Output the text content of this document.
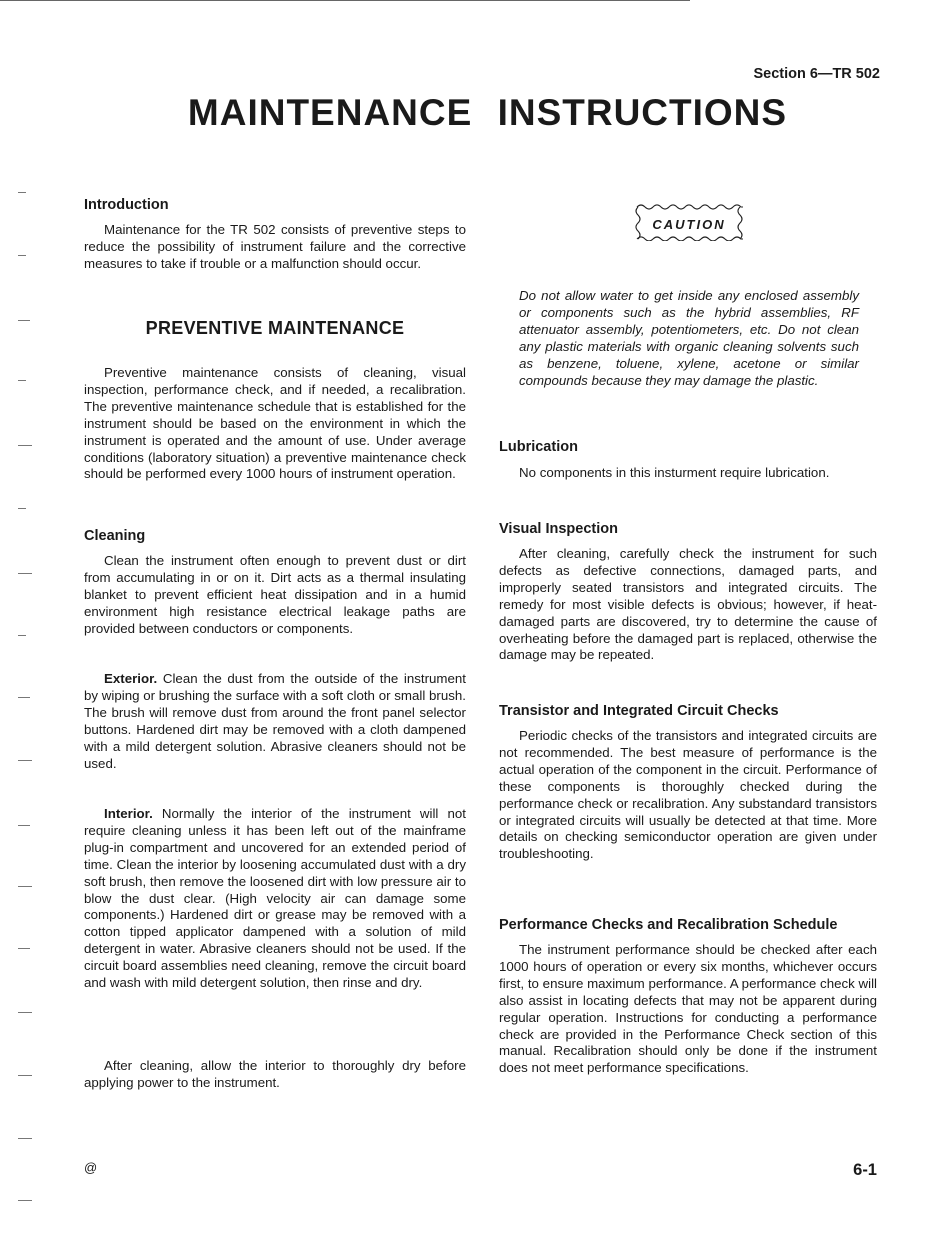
Section 6—TR 502
MAINTENANCE INSTRUCTIONS
Introduction

Maintenance for the TR 502 consists of preventive steps to reduce the possibility of instrument failure and the corrective measures to take if trouble or a malfunction should occur.

PREVENTIVE MAINTENANCE

Preventive maintenance consists of cleaning, visual inspection, performance check, and if needed, a recalibration. The preventive maintenance schedule that is established for the instrument should be based on the environment in which the instrument is operated and the amount of use. Under average conditions (laboratory situation) a preventive maintenance check should be performed every 1000 hours of instrument operation.

Cleaning

Clean the instrument often enough to prevent dust or dirt from accumulating in or on it. Dirt acts as a thermal insulating blanket to prevent efficient heat dissipation and in a humid environment high resistance electrical leakage paths are provided between conductors or components.

Exterior. Clean the dust from the outside of the instrument by wiping or brushing the surface with a soft cloth or small brush. The brush will remove dust from around the front panel selector buttons. Hardened dirt may be removed with a cloth dampened with a mild detergent solution. Abrasive cleaners should not be used.

Interior. Normally the interior of the instrument will not require cleaning unless it has been left out of the mainframe plug-in compartment and uncovered for an extended period of time. Clean the interior by loosening accumulated dust with a dry soft brush, then remove the loosened dirt with low pressure air to blow the dust clear. (High velocity air can damage some components.) Hardened dirt or grease may be removed with a cotton tipped applicator dampened with a solution of mild detergent in water. Abrasive cleaners should not be used. If the circuit board assemblies need cleaning, remove the circuit board and wash with mild detergent solution, then rinse and dry.

After cleaning, allow the interior to thoroughly dry before applying power to the instrument.

CAUTION

Do not allow water to get inside any enclosed assembly or components such as the hybrid assemblies, RF attenuator assembly, potentiometers, etc. Do not clean any plastic materials with organic cleaning solvents such as benzene, toluene, xylene, acetone or similar compounds because they may damage the plastic.

Lubrication

No components in this insturment require lubrication.

Visual Inspection

After cleaning, carefully check the instrument for such defects as defective connections, damaged parts, and improperly seated transistors and integrated circuits. The remedy for most visible defects is obvious; however, if heat-damaged parts are discovered, try to determine the cause of overheating before the damaged part is replaced, otherwise the damage may be repeated.

Transistor and Integrated Circuit Checks

Periodic checks of the transistors and integrated circuits are not recommended. The best measure of performance is the actual operation of the component in the circuit. Performance of these components is thoroughly checked during the performance check or recalibration. Any substandard transistors or integrated circuits will usually be detected at that time. More details on checking semiconductor operation are given under troubleshooting.

Performance Checks and Recalibration Schedule

The instrument performance should be checked after each 1000 hours of operation or every six months, whichever occurs first, to ensure maximum performance. A performance check will also assist in locating defects that may not be apparent during regular operation. Instructions for conducting a performance check are provided in the Performance Check section of this manual. Recalibration should only be done if the instrument does not meet performance specifications.

@	6-1
